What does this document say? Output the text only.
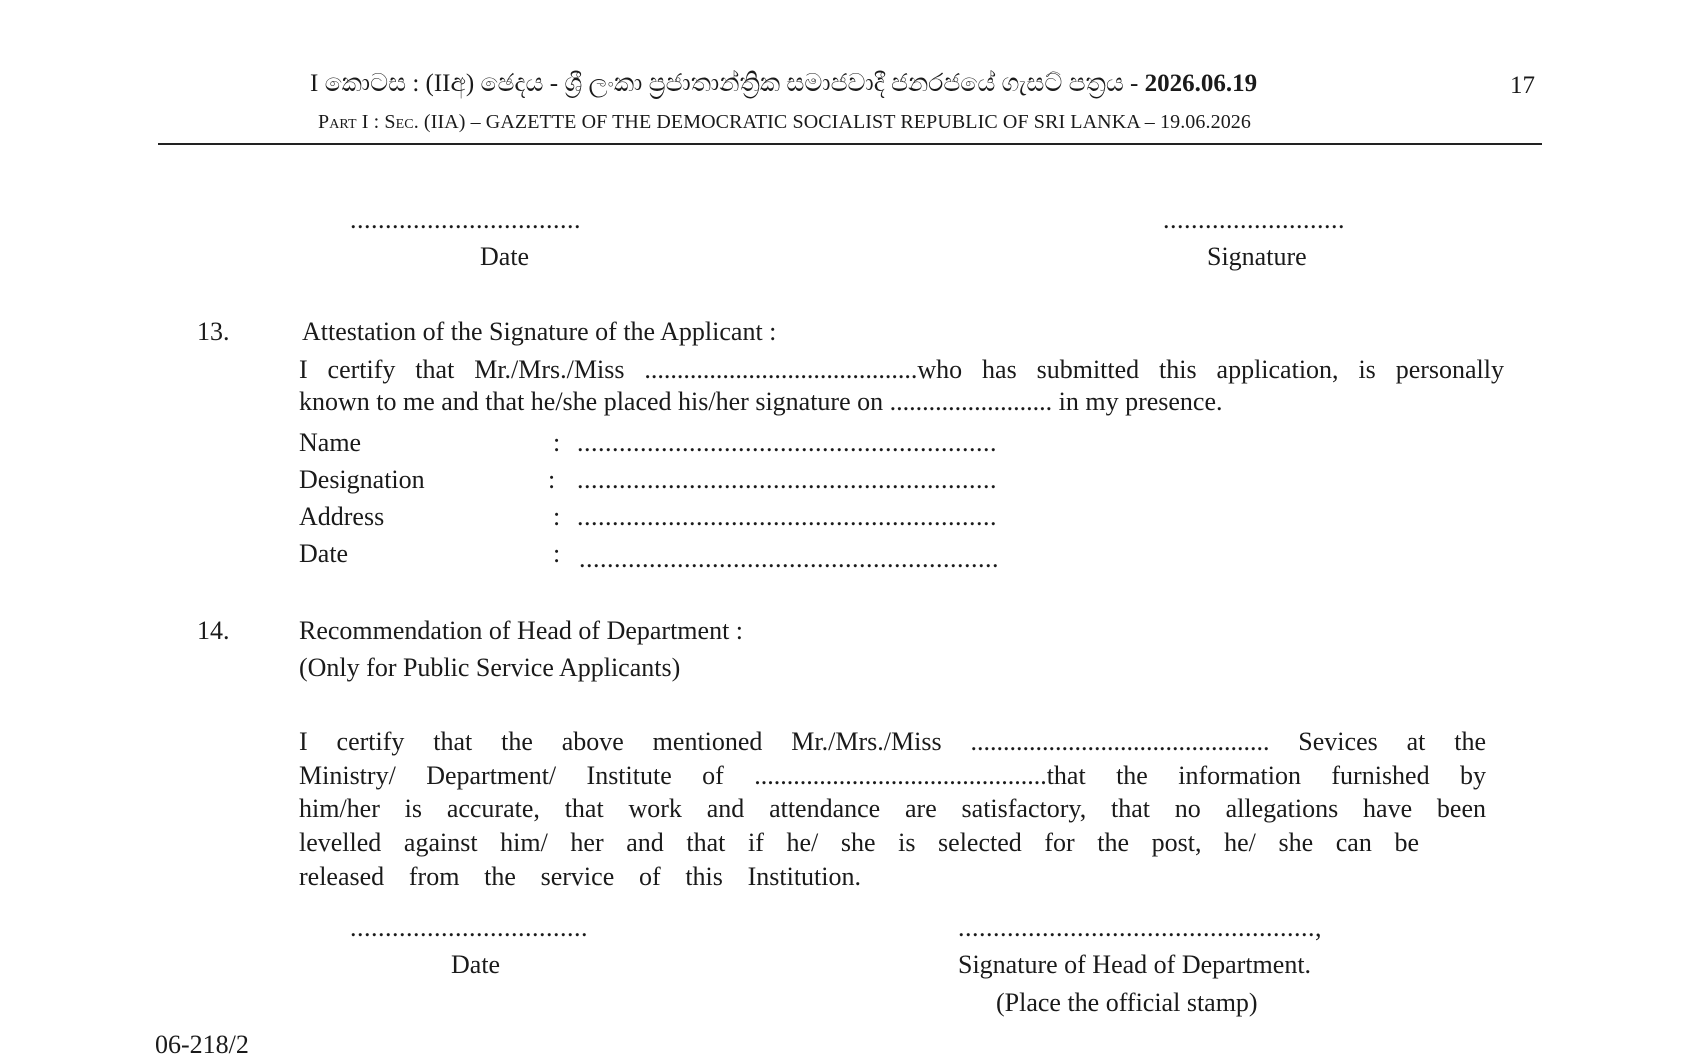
I කොටස : (IIඅ) ඡෙදය - ශ්‍රී ලංකා ප්‍රජාතාන්ත්‍රික සමාජවාදී ජනරජයේ ගැසට් පත්‍රය - 2026.06.19
Part I : Sec. (IIA) – GAZETTE OF THE DEMOCRATIC SOCIALIST REPUBLIC OF SRI LANKA – 19.06.2026
17
.................................
Date
..........................
Signature
13.	Attestation of the Signature of the Applicant :
I certify that Mr./Mrs./Miss ..........................................who has submitted this application, is personally
known to me and that he/she placed his/her signature on ......................... in my presence.
Name	: ............................................................
Designation	: ............................................................
Address	: ............................................................
Date	: ............................................................
14.	Recommendation of Head of Department :
(Only for Public Service Applicants)
I certify that the above mentioned Mr./Mrs./Miss .............................................. Sevices at the
Ministry/ Department/ Institute of .............................................that the information furnished by
him/her is accurate, that work and attendance are satisfactory, that no allegations have been
levelled against him/ her and that if he/ she is selected for the post, he/ she can be
released from the service of this Institution.
..................................
Date
...................................................,
Signature of Head of Department.
(Place the official stamp)
06-218/2
